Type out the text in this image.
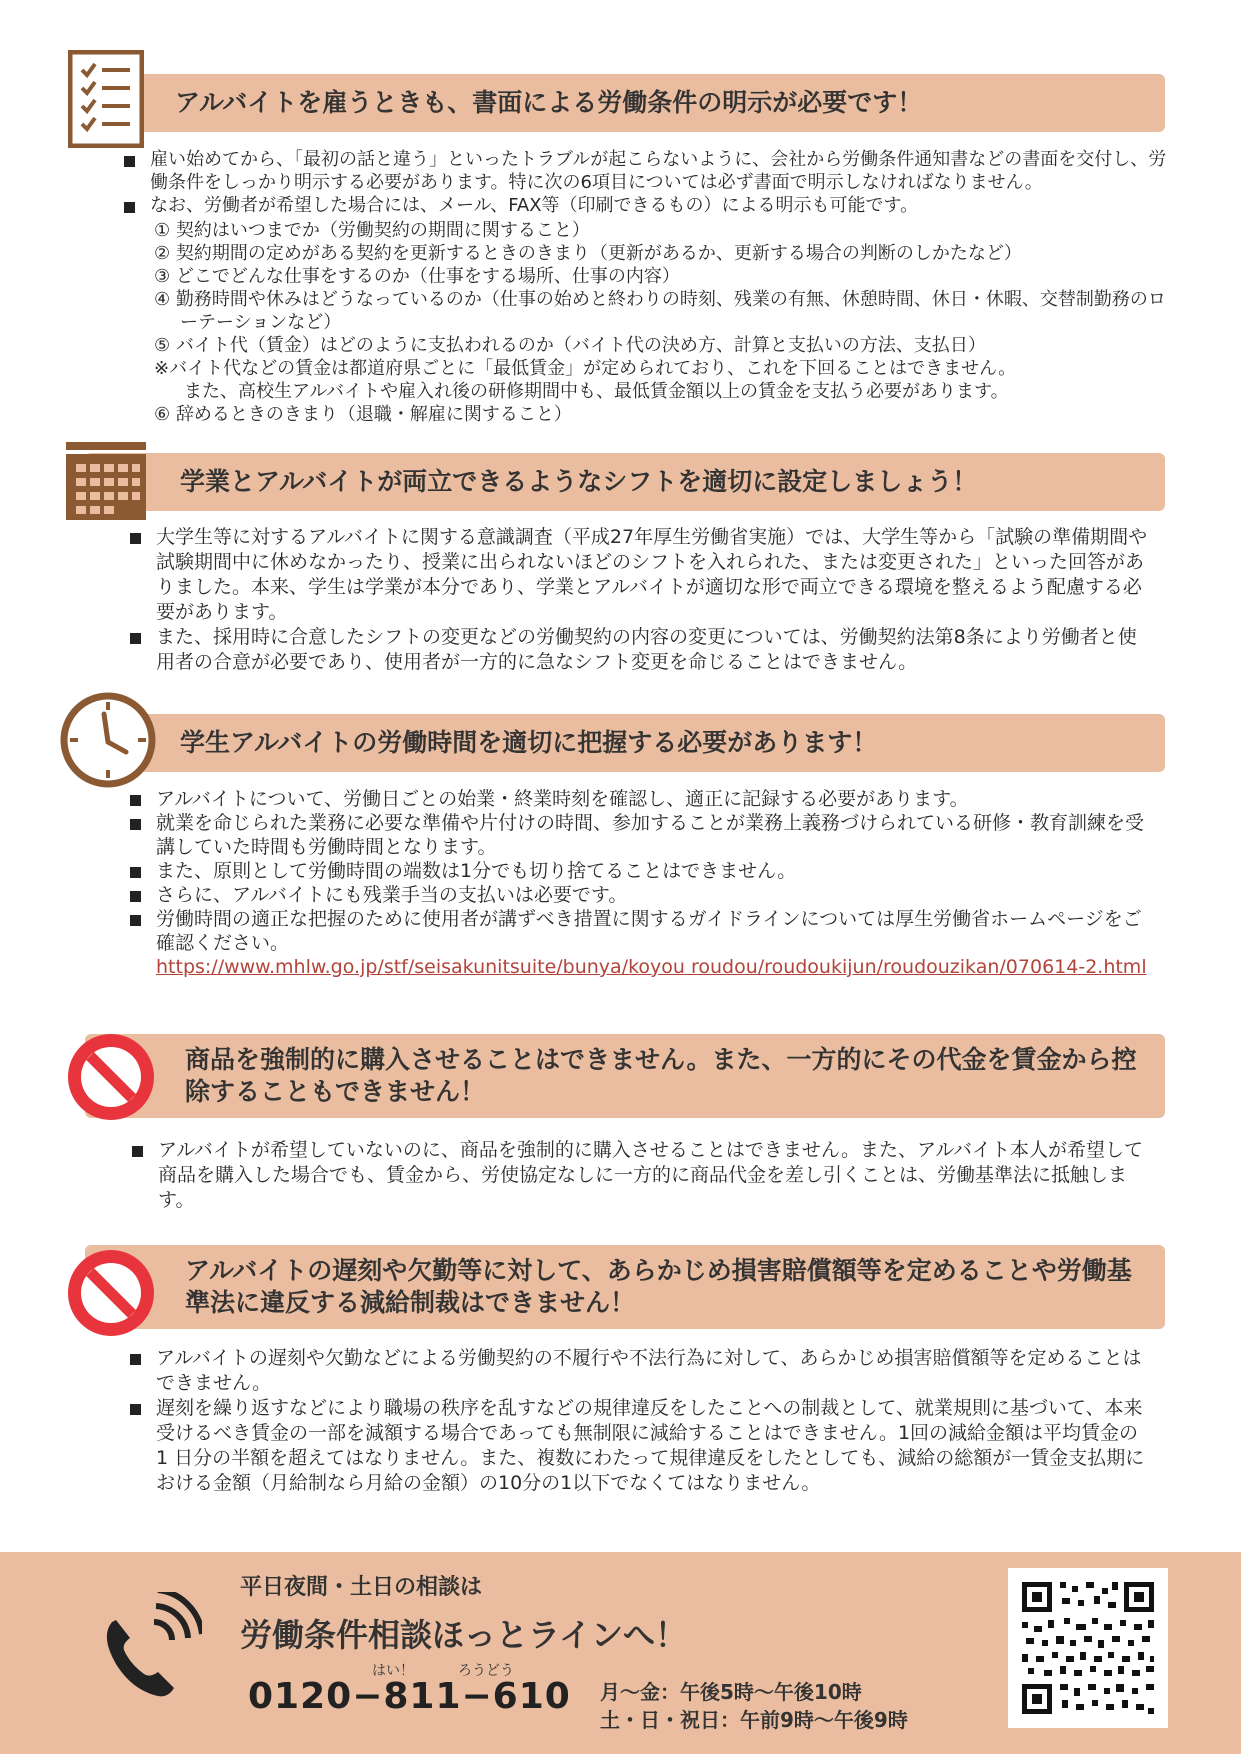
アルバイトを雇うときも、書面による労働条件の明示が必要です！
雇い始めてから、「最初の話と違う」といったトラブルが起こらないように、会社から労働条件通知書などの書面を交付し、労働条件をしっかり明示する必要があります。特に次の6項目については必ず書面で明示しなければなりません。
なお、労働者が希望した場合には、メール、FAX等（印刷できるもの）による明示も可能です。
① 契約はいつまでか（労働契約の期間に関すること）
② 契約期間の定めがある契約を更新するときのきまり（更新があるか、更新する場合の判断のしかたなど）
③ どこでどんな仕事をするのか（仕事をする場所、仕事の内容）
④ 勤務時間や休みはどうなっているのか（仕事の始めと終わりの時刻、残業の有無、休憩時間、休日・休暇、交替制勤務のローテーションなど）
⑤ バイト代（賃金）はどのように支払われるのか（バイト代の決め方、計算と支払いの方法、支払日）
※バイト代などの賃金は都道府県ごとに「最低賃金」が定められており、これを下回ることはできません。
また、高校生アルバイトや雇入れ後の研修期間中も、最低賃金額以上の賃金を支払う必要があります。
⑥ 辞めるときのきまり（退職・解雇に関すること）
学業とアルバイトが両立できるようなシフトを適切に設定しましょう！
大学生等に対するアルバイトに関する意識調査（平成27年厚生労働省実施）では、大学生等から「試験の準備期間や試験期間中に休めなかったり、授業に出られないほどのシフトを入れられた、または変更された」といった回答がありました。本来、学生は学業が本分であり、学業とアルバイトが適切な形で両立できる環境を整えるよう配慮する必要があります。
また、採用時に合意したシフトの変更などの労働契約の内容の変更については、労働契約法第8条により労働者と使用者の合意が必要であり、使用者が一方的に急なシフト変更を命じることはできません。
学生アルバイトの労働時間を適切に把握する必要があります！
アルバイトについて、労働日ごとの始業・終業時刻を確認し、適正に記録する必要があります。
就業を命じられた業務に必要な準備や片付けの時間、参加することが業務上義務づけられている研修・教育訓練を受講していた時間も労働時間となります。
また、原則として労働時間の端数は1分でも切り捨てることはできません。
さらに、アルバイトにも残業手当の支払いは必要です。
労働時間の適正な把握のために使用者が講ずべき措置に関するガイドラインについては厚生労働省ホームページをご確認ください。
https://www.mhlw.go.jp/stf/seisakunitsuite/bunya/koyou roudou/roudoukijun/roudouzikan/070614-2.html
商品を強制的に購入させることはできません。また、一方的にその代金を賃金から控除することもできません！
アルバイトが希望していないのに、商品を強制的に購入させることはできません。また、アルバイト本人が希望して商品を購入した場合でも、賃金から、労使協定なしに一方的に商品代金を差し引くことは、労働基準法に抵触します。
アルバイトの遅刻や欠勤等に対して、あらかじめ損害賠償額等を定めることや労働基準法に違反する減給制裁はできません！
アルバイトの遅刻や欠勤などによる労働契約の不履行や不法行為に対して、あらかじめ損害賠償額等を定めることはできません。
遅刻を繰り返すなどにより職場の秩序を乱すなどの規律違反をしたことへの制裁として、就業規則に基づいて、本来受けるべき賃金の一部を減額する場合であっても無制限に減給することはできません。1回の減給金額は平均賃金の 1 日分の半額を超えてはなりません。また、複数にわたって規律違反をしたとしても、減給の総額が一賃金支払期における金額（月給制なら月給の金額）の10分の1以下でなくてはなりません。
平日夜間・土日の相談は
労働条件相談ほっとラインへ！
はい！	ろうどう
0120−811−610 月～金：午後5時～午後10時
土・日・祝日：午前9時～午後9時
